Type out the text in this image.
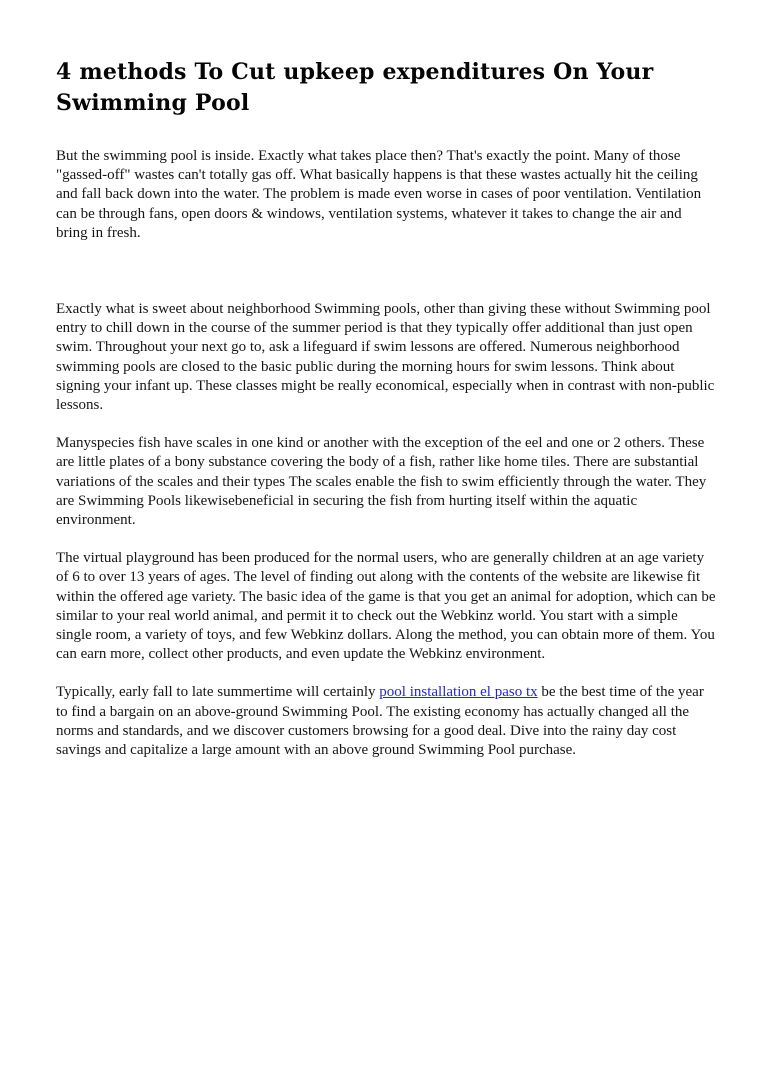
4 methods To Cut upkeep expenditures On Your Swimming Pool

But the swimming pool is inside. Exactly what takes place then? That's exactly the point. Many of those "gassed-off" wastes can't totally gas off. What basically happens is that these wastes actually hit the ceiling and fall back down into the water. The problem is made even worse in cases of poor ventilation. Ventilation can be through fans, open doors & windows, ventilation systems, whatever it takes to change the air and bring in fresh.

Exactly what is sweet about neighborhood Swimming pools, other than giving these without Swimming pool entry to chill down in the course of the summer period is that they typically offer additional than just open swim. Throughout your next go to, ask a lifeguard if swim lessons are offered. Numerous neighborhood swimming pools are closed to the basic public during the morning hours for swim lessons. Think about signing your infant up. These classes might be really economical, especially when in contrast with non-public lessons.

Manyspecies fish have scales in one kind or another with the exception of the eel and one or 2 others. These are little plates of a bony substance covering the body of a fish, rather like home tiles. There are substantial variations of the scales and their types The scales enable the fish to swim efficiently through the water. They are Swimming Pools likewisebeneficial in securing the fish from hurting itself within the aquatic environment.

The virtual playground has been produced for the normal users, who are generally children at an age variety of 6 to over 13 years of ages. The level of finding out along with the contents of the website are likewise fit within the offered age variety. The basic idea of the game is that you get an animal for adoption, which can be similar to your real world animal, and permit it to check out the Webkinz world. You start with a simple single room, a variety of toys, and few Webkinz dollars. Along the method, you can obtain more of them. You can earn more, collect other products, and even update the Webkinz environment.

Typically, early fall to late summertime will certainly pool installation el paso tx be the best time of the year to find a bargain on an above-ground Swimming Pool. The existing economy has actually changed all the norms and standards, and we discover customers browsing for a good deal. Dive into the rainy day cost savings and capitalize a large amount with an above ground Swimming Pool purchase.
